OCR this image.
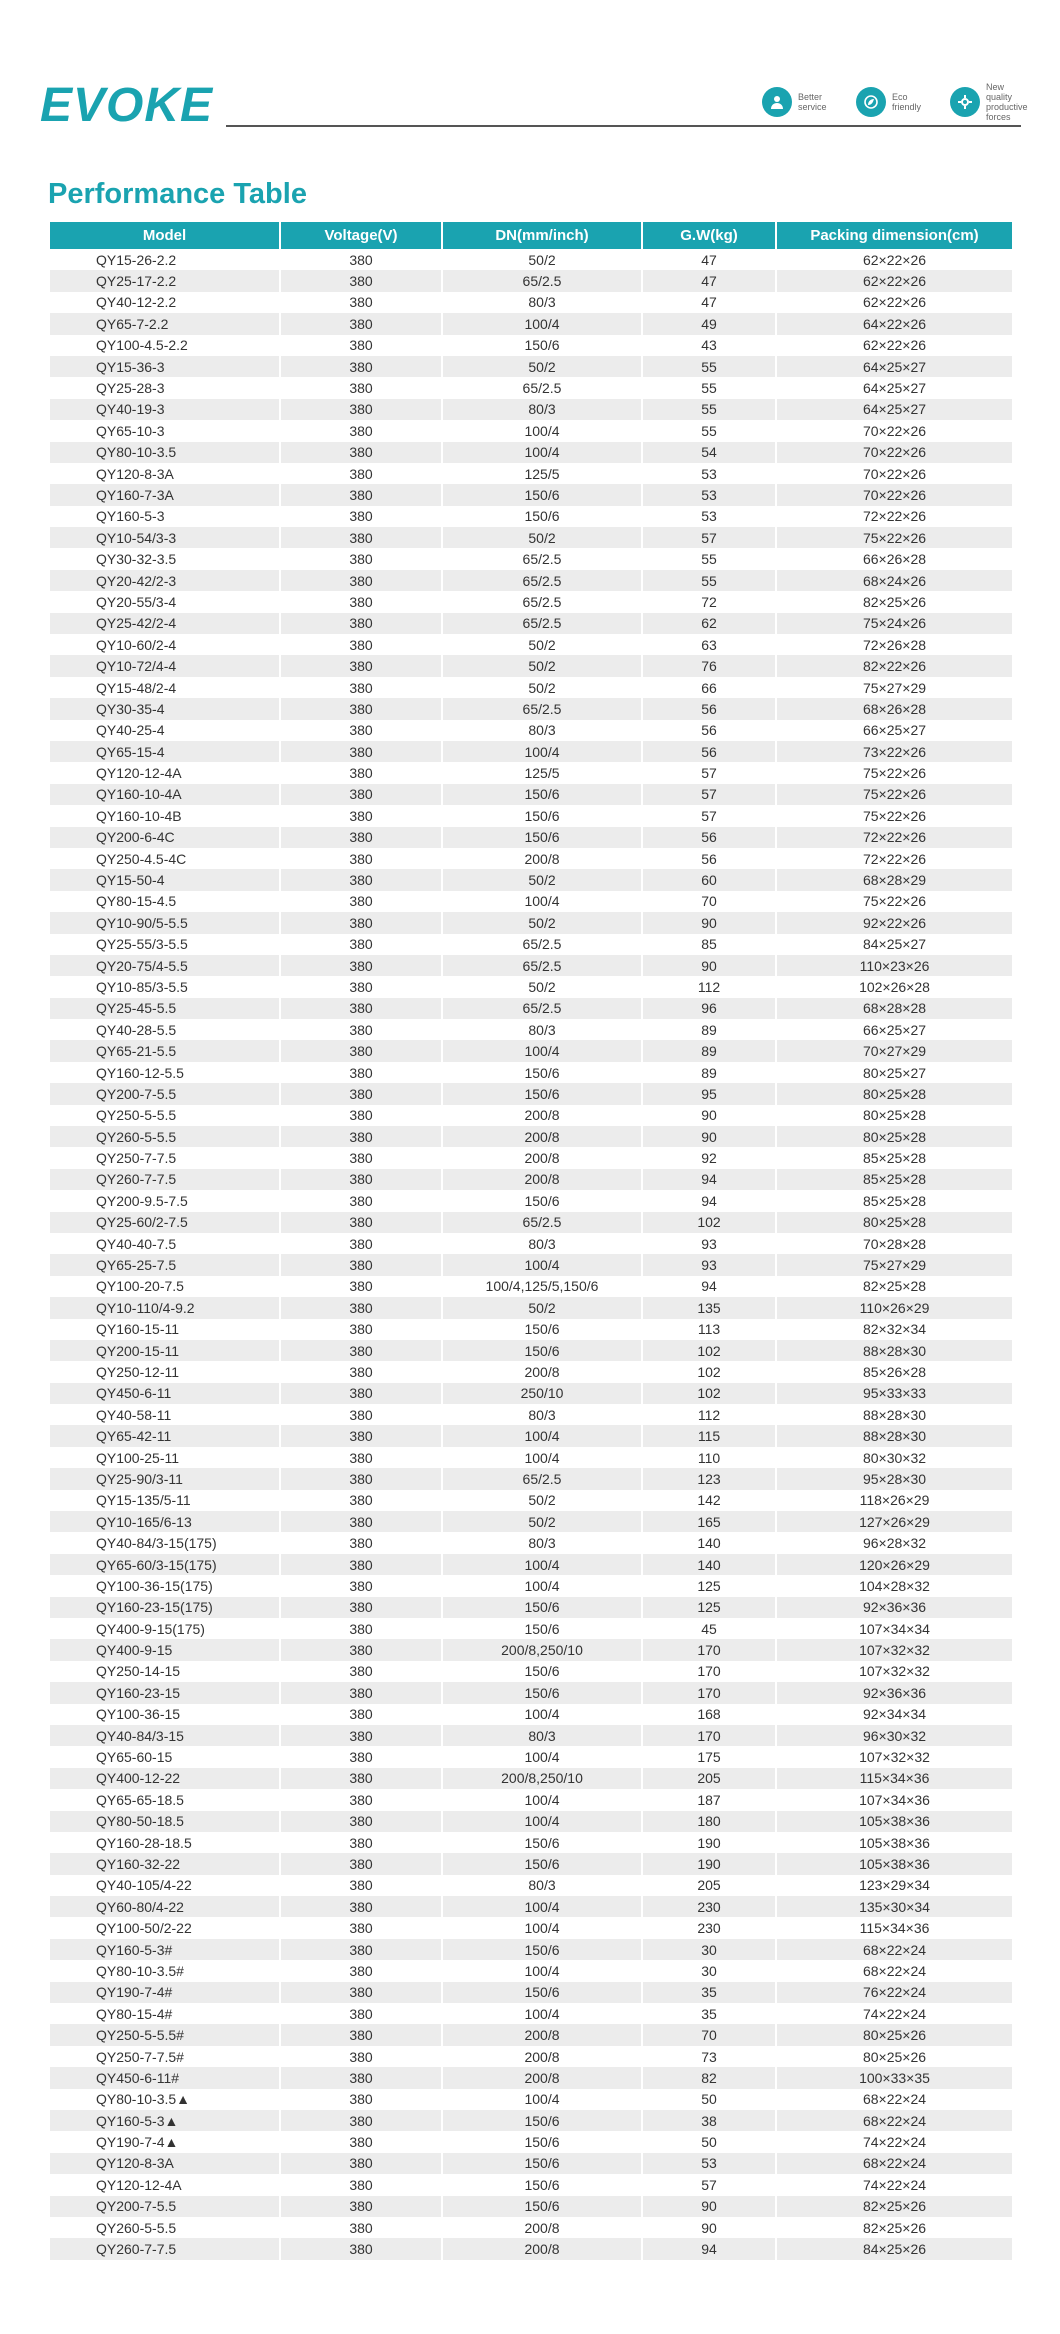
EVOKE	Better service
Eco friendly
New quality productive forces
Performance Table
Model	Voltage(V)	DN(mm/inch)	G.W(kg)	Packing dimension(cm)
QY15-26-2.2	380	50/2	47	62×22×26
QY25-17-2.2	380	65/2.5	47	62×22×26
QY40-12-2.2	380	80/3	47	62×22×26
QY65-7-2.2	380	100/4	49	64×22×26
QY100-4.5-2.2	380	150/6	43	62×22×26
QY15-36-3	380	50/2	55	64×25×27
QY25-28-3	380	65/2.5	55	64×25×27
QY40-19-3	380	80/3	55	64×25×27
QY65-10-3	380	100/4	55	70×22×26
QY80-10-3.5	380	100/4	54	70×22×26
QY120-8-3A	380	125/5	53	70×22×26
QY160-7-3A	380	150/6	53	70×22×26
QY160-5-3	380	150/6	53	72×22×26
QY10-54/3-3	380	50/2	57	75×22×26
QY30-32-3.5	380	65/2.5	55	66×26×28
QY20-42/2-3	380	65/2.5	55	68×24×26
QY20-55/3-4	380	65/2.5	72	82×25×26
QY25-42/2-4	380	65/2.5	62	75×24×26
QY10-60/2-4	380	50/2	63	72×26×28
QY10-72/4-4	380	50/2	76	82×22×26
QY15-48/2-4	380	50/2	66	75×27×29
QY30-35-4	380	65/2.5	56	68×26×28
QY40-25-4	380	80/3	56	66×25×27
QY65-15-4	380	100/4	56	73×22×26
QY120-12-4A	380	125/5	57	75×22×26
QY160-10-4A	380	150/6	57	75×22×26
QY160-10-4B	380	150/6	57	75×22×26
QY200-6-4C	380	150/6	56	72×22×26
QY250-4.5-4C	380	200/8	56	72×22×26
QY15-50-4	380	50/2	60	68×28×29
QY80-15-4.5	380	100/4	70	75×22×26
QY10-90/5-5.5	380	50/2	90	92×22×26
QY25-55/3-5.5	380	65/2.5	85	84×25×27
QY20-75/4-5.5	380	65/2.5	90	110×23×26
QY10-85/3-5.5	380	50/2	112	102×26×28
QY25-45-5.5	380	65/2.5	96	68×28×28
QY40-28-5.5	380	80/3	89	66×25×27
QY65-21-5.5	380	100/4	89	70×27×29
QY160-12-5.5	380	150/6	89	80×25×27
QY200-7-5.5	380	150/6	95	80×25×28
QY250-5-5.5	380	200/8	90	80×25×28
QY260-5-5.5	380	200/8	90	80×25×28
QY250-7-7.5	380	200/8	92	85×25×28
QY260-7-7.5	380	200/8	94	85×25×28
QY200-9.5-7.5	380	150/6	94	85×25×28
QY25-60/2-7.5	380	65/2.5	102	80×25×28
QY40-40-7.5	380	80/3	93	70×28×28
QY65-25-7.5	380	100/4	93	75×27×29
QY100-20-7.5	380	100/4,125/5,150/6	94	82×25×28
QY10-110/4-9.2	380	50/2	135	110×26×29
QY160-15-11	380	150/6	113	82×32×34
QY200-15-11	380	150/6	102	88×28×30
QY250-12-11	380	200/8	102	85×26×28
QY450-6-11	380	250/10	102	95×33×33
QY40-58-11	380	80/3	112	88×28×30
QY65-42-11	380	100/4	115	88×28×30
QY100-25-11	380	100/4	110	80×30×32
QY25-90/3-11	380	65/2.5	123	95×28×30
QY15-135/5-11	380	50/2	142	118×26×29
QY10-165/6-13	380	50/2	165	127×26×29
QY40-84/3-15(175)	380	80/3	140	96×28×32
QY65-60/3-15(175)	380	100/4	140	120×26×29
QY100-36-15(175)	380	100/4	125	104×28×32
QY160-23-15(175)	380	150/6	125	92×36×36
QY400-9-15(175)	380	150/6	45	107×34×34
QY400-9-15	380	200/8,250/10	170	107×32×32
QY250-14-15	380	150/6	170	107×32×32
QY160-23-15	380	150/6	170	92×36×36
QY100-36-15	380	100/4	168	92×34×34
QY40-84/3-15	380	80/3	170	96×30×32
QY65-60-15	380	100/4	175	107×32×32
QY400-12-22	380	200/8,250/10	205	115×34×36
QY65-65-18.5	380	100/4	187	107×34×36
QY80-50-18.5	380	100/4	180	105×38×36
QY160-28-18.5	380	150/6	190	105×38×36
QY160-32-22	380	150/6	190	105×38×36
QY40-105/4-22	380	80/3	205	123×29×34
QY60-80/4-22	380	100/4	230	135×30×34
QY100-50/2-22	380	100/4	230	115×34×36
QY160-5-3#	380	150/6	30	68×22×24
QY80-10-3.5#	380	100/4	30	68×22×24
QY190-7-4#	380	150/6	35	76×22×24
QY80-15-4#	380	100/4	35	74×22×24
QY250-5-5.5#	380	200/8	70	80×25×26
QY250-7-7.5#	380	200/8	73	80×25×26
QY450-6-11#	380	200/8	82	100×33×35
QY80-10-3.5▲	380	100/4	50	68×22×24
QY160-5-3▲	380	150/6	38	68×22×24
QY190-7-4▲	380	150/6	50	74×22×24
QY120-8-3A	380	150/6	53	68×22×24
QY120-12-4A	380	150/6	57	74×22×24
QY200-7-5.5	380	150/6	90	82×25×26
QY260-5-5.5	380	200/8	90	82×25×26
QY260-7-7.5	380	200/8	94	84×25×26
